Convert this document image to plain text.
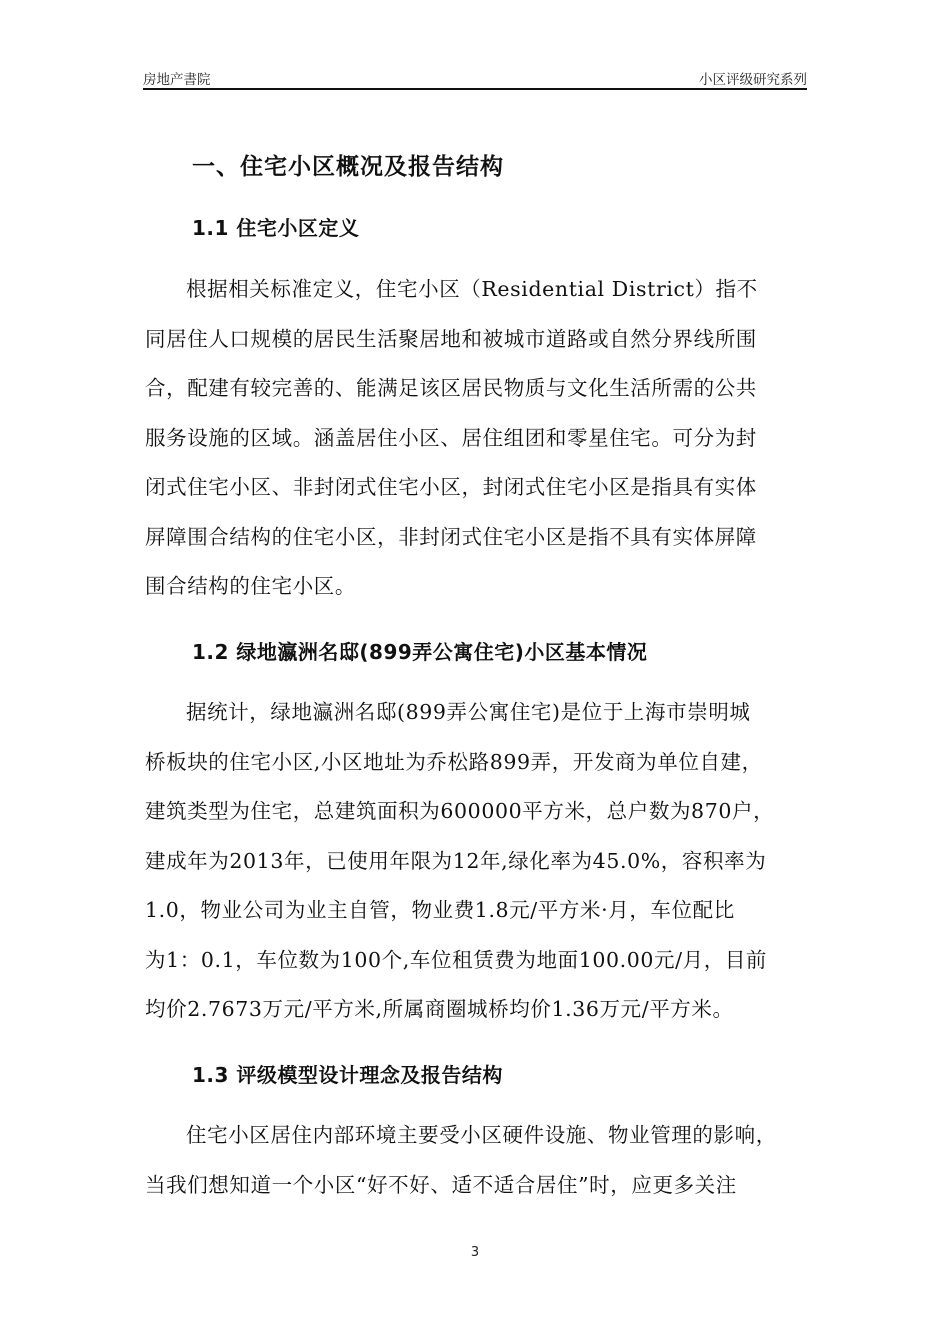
房地产書院	小区评级研究系列
一、住宅小区概况及报告结构
1.1 住宅小区定义
根据相关标准定义，住宅小区（Residential District）指不
同居住人口规模的居民生活聚居地和被城市道路或自然分界线所围
合，配建有较完善的、能满足该区居民物质与文化生活所需的公共
服务设施的区域。涵盖居住小区、居住组团和零星住宅。可分为封
闭式住宅小区、非封闭式住宅小区，封闭式住宅小区是指具有实体
屏障围合结构的住宅小区，非封闭式住宅小区是指不具有实体屏障
围合结构的住宅小区。
1.2 绿地瀛洲名邸(899弄公寓住宅)小区基本情况
据统计，绿地瀛洲名邸(899弄公寓住宅)是位于上海市崇明城
桥板块的住宅小区,小区地址为乔松路899弄，开发商为单位自建，
建筑类型为住宅，总建筑面积为600000平方米，总户数为870户，
建成年为2013年，已使用年限为12年,绿化率为45.0%，容积率为
1.0，物业公司为业主自管，物业费1.8元/平方米·月，车位配比
为1：0.1，车位数为100个,车位租赁费为地面100.00元/月，目前
均价2.7673万元/平方米,所属商圈城桥均价1.36万元/平方米。
1.3 评级模型设计理念及报告结构
住宅小区居住内部环境主要受小区硬件设施、物业管理的影响，
当我们想知道一个小区“好不好、适不适合居住”时，应更多关注
3
